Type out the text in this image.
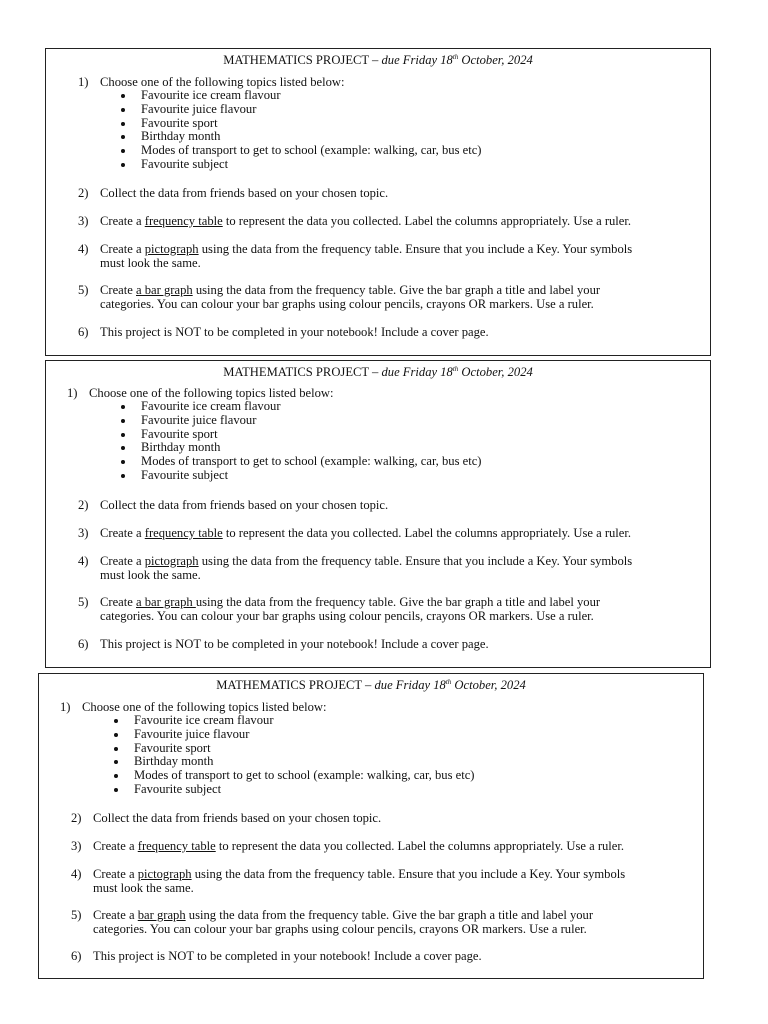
MATHEMATICS PROJECT – due Friday 18th October, 2024
1) Choose one of the following topics listed below:
Favourite ice cream flavour
Favourite juice flavour
Favourite sport
Birthday month
Modes of transport to get to school (example: walking, car, bus etc)
Favourite subject
2) Collect the data from friends based on your chosen topic.
3) Create a frequency table to represent the data you collected. Label the columns appropriately. Use a ruler.
4) Create a pictograph using the data from the frequency table. Ensure that you include a Key. Your symbols
must look the same.
5) Create a bar graph using the data from the frequency table. Give the bar graph a title and label your
categories. You can colour your bar graphs using colour pencils, crayons OR markers. Use a ruler.
6) This project is NOT to be completed in your notebook! Include a cover page.
MATHEMATICS PROJECT – due Friday 18th October, 2024
1) Choose one of the following topics listed below:
Favourite ice cream flavour
Favourite juice flavour
Favourite sport
Birthday month
Modes of transport to get to school (example: walking, car, bus etc)
Favourite subject
2) Collect the data from friends based on your chosen topic.
3) Create a frequency table to represent the data you collected. Label the columns appropriately. Use a ruler.
4) Create a pictograph using the data from the frequency table. Ensure that you include a Key. Your symbols
must look the same.
5) Create a bar graph using the data from the frequency table. Give the bar graph a title and label your
categories. You can colour your bar graphs using colour pencils, crayons OR markers. Use a ruler.
6) This project is NOT to be completed in your notebook! Include a cover page.
MATHEMATICS PROJECT – due Friday 18th October, 2024
1) Choose one of the following topics listed below:
Favourite ice cream flavour
Favourite juice flavour
Favourite sport
Birthday month
Modes of transport to get to school (example: walking, car, bus etc)
Favourite subject
2) Collect the data from friends based on your chosen topic.
3) Create a frequency table to represent the data you collected. Label the columns appropriately. Use a ruler.
4) Create a pictograph using the data from the frequency table. Ensure that you include a Key. Your symbols
must look the same.
5) Create a bar graph using the data from the frequency table. Give the bar graph a title and label your
categories. You can colour your bar graphs using colour pencils, crayons OR markers. Use a ruler.
6) This project is NOT to be completed in your notebook! Include a cover page.
